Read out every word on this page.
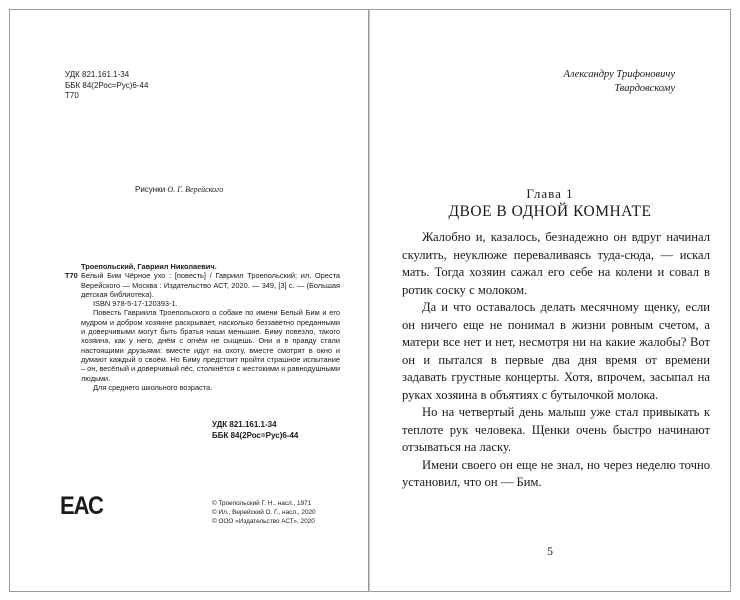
УДК 821.161.1-34
ББК 84(2Рос=Рус)6-44
Т70
Рисунки О. Г. Верейского
Троепольский, Гавриил Николаевич.
Т70 Белый Бим Чёрное ухо : [повесть] / Гавриил Троепольский; ил. Ореста Верейского — Москва : Издательство АСТ, 2020. — 349, [3] с. — (Большая детская библиотека).
ISBN 978-5-17-120393-1.
Повесть Гавриила Троепольского о собаке по имени Белый Бим и его мудром и добром хозяине раскрывает, насколько беззаветно преданными и доверчивыми могут быть братья наши меньшие. Биму повезло, такого хозяина, как у него, днём с огнём не сыщешь. Они и в правду стали настоящими друзьями: вместе идут на охоту, вместе смотрят в окно и думают каждый о своём. Но Биму предстоит пройти страшное испытание – он, весёлый и доверчивый пёс, столкнётся с жестокими и равнодушными людьми.
Для среднего школьного возраста.
УДК 821.161.1-34
ББК 84(2Рос=Рус)6-44
ЕАС	© Троепольский Г. Н., насл., 1971
© Ил., Верейский О. Г., насл., 2020
© ООО «Издательство АСТ», 2020
Александру Трифоновичу
Твардовскому
Глава 1
ДВОЕ В ОДНОЙ КОМНАТЕ

Жалобно и, казалось, безнадежно он вдруг начинал скулить, неуклюже переваливаясь туда-сюда, — искал мать. Тогда хозяин сажал его себе на колени и совал в ротик соску с молоком.

Да и что оставалось делать месячному щенку, если он ничего еще не понимал в жизни ровным счетом, а матери все нет и нет, несмотря ни на какие жалобы? Вот он и пытался в первые два дня время от времени задавать грустные концерты. Хотя, впрочем, засыпал на руках хозяина в объятиях с бутылочкой молока.

Но на четвертый день малыш уже стал привыкать к теплоте рук человека. Щенки очень быстро начинают отзываться на ласку.

Имени своего он еще не знал, но через неделю точно установил, что он — Бим.

5
